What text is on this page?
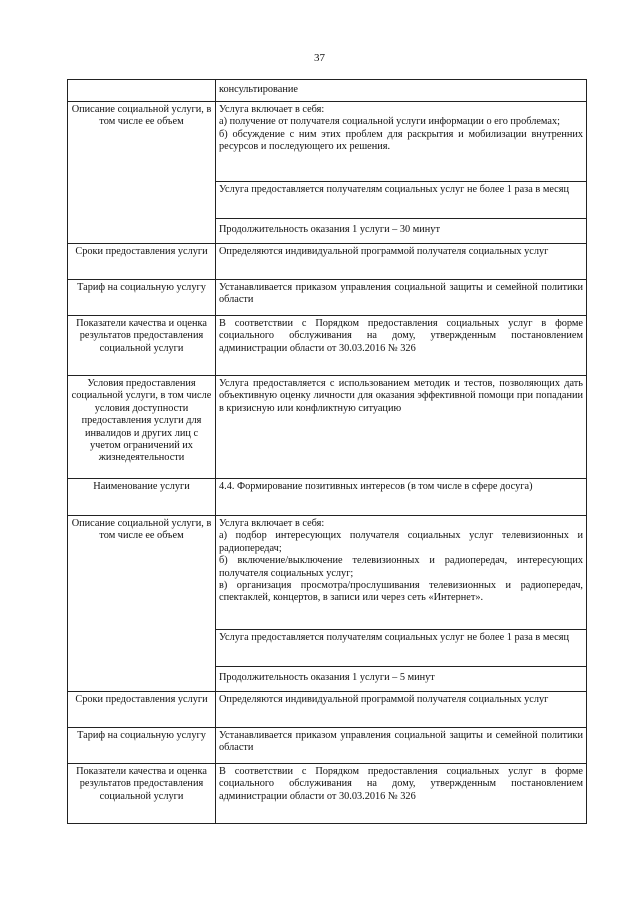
37
	консультирование
Описание социальной услуги, в том числе ее объем	Услуга включает в себя:
а) получение от получателя социальной услуги информации о его проблемах;
б) обсуждение с ним этих проблем для раскрытия и мобилизации внутренних ресурсов и последующего их решения.

	Услуга предоставляется получателям социальных услуг не более 1 раза в месяц
	Продолжительность оказания 1 услуги – 30 минут
Сроки предоставления услуги	Определяются индивидуальной программой получателя социальных услуг
Тариф на социальную услугу	Устанавливается приказом управления социальной защиты и семейной политики области
Показатели качества и оценка результатов предоставления социальной услуги	В соответствии с Порядком предоставления социальных услуг в форме социального обслуживания на дому, утвержденным постановлением администрации области от 30.03.2016 № 326
Условия предоставления социальной услуги, в том числе условия доступности предоставления услуги для инвалидов и других лиц с учетом ограничений их жизнедеятельности	Услуга предоставляется с использованием методик и тестов, позволяющих дать объективную оценку личности для оказания эффективной помощи при попадании в кризисную или конфликтную ситуацию
Наименование услуги	4.4. Формирование позитивных интересов (в том числе в сфере досуга)
Описание социальной услуги, в том числе ее объем	Услуга включает в себя:
а) подбор интересующих получателя социальных услуг телевизионных и радиопередач;
б) включение/выключение телевизионных и радиопередач, интересующих получателя социальных услуг;
в) организация просмотра/прослушивания телевизионных и радиопередач, спектаклей, концертов, в записи или через сеть «Интернет».

	Услуга предоставляется получателям социальных услуг не более 1 раза в месяц
	Продолжительность оказания 1 услуги – 5 минут
Сроки предоставления услуги	Определяются индивидуальной программой получателя социальных услуг
Тариф на социальную услугу	Устанавливается приказом управления социальной защиты и семейной политики области
Показатели качества и оценка результатов предоставления социальной услуги	В соответствии с Порядком предоставления социальных услуг в форме социального обслуживания на дому, утвержденным постановлением администрации области от 30.03.2016 № 326
